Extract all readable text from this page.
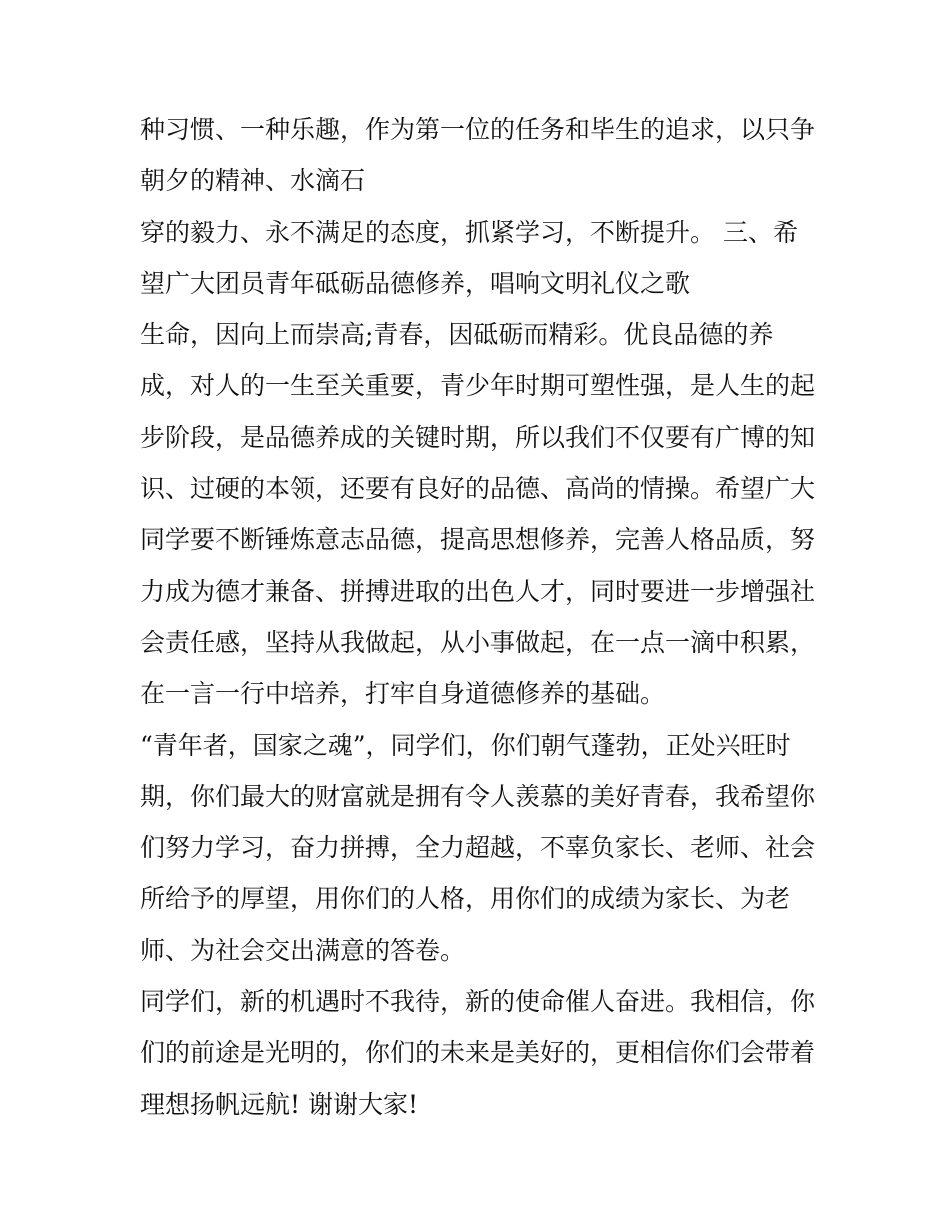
种习惯、一种乐趣，作为第一位的任务和毕生的追求，以只争
朝夕的精神、水滴石
穿的毅力、永不满足的态度，抓紧学习，不断提升。 三、希
望广大团员青年砥砺品德修养，唱响文明礼仪之歌
生命，因向上而崇高;青春，因砥砺而精彩。优良品德的养
成，对人的一生至关重要，青少年时期可塑性强，是人生的起
步阶段，是品德养成的关键时期，所以我们不仅要有广博的知
识、过硬的本领，还要有良好的品德、高尚的情操。希望广大
同学要不断锤炼意志品德，提高思想修养，完善人格品质，努
力成为德才兼备、拼搏进取的出色人才，同时要进一步增强社
会责任感，坚持从我做起，从小事做起，在一点一滴中积累，
在一言一行中培养，打牢自身道德修养的基础。
“青年者，国家之魂”，同学们，你们朝气蓬勃，正处兴旺时
期，你们最大的财富就是拥有令人羡慕的美好青春，我希望你
们努力学习，奋力拼搏，全力超越，不辜负家长、老师、社会
所给予的厚望，用你们的人格，用你们的成绩为家长、为老
师、为社会交出满意的答卷。
同学们，新的机遇时不我待，新的使命催人奋进。我相信，你
们的前途是光明的，你们的未来是美好的，更相信你们会带着
理想扬帆远航! 谢谢大家!
